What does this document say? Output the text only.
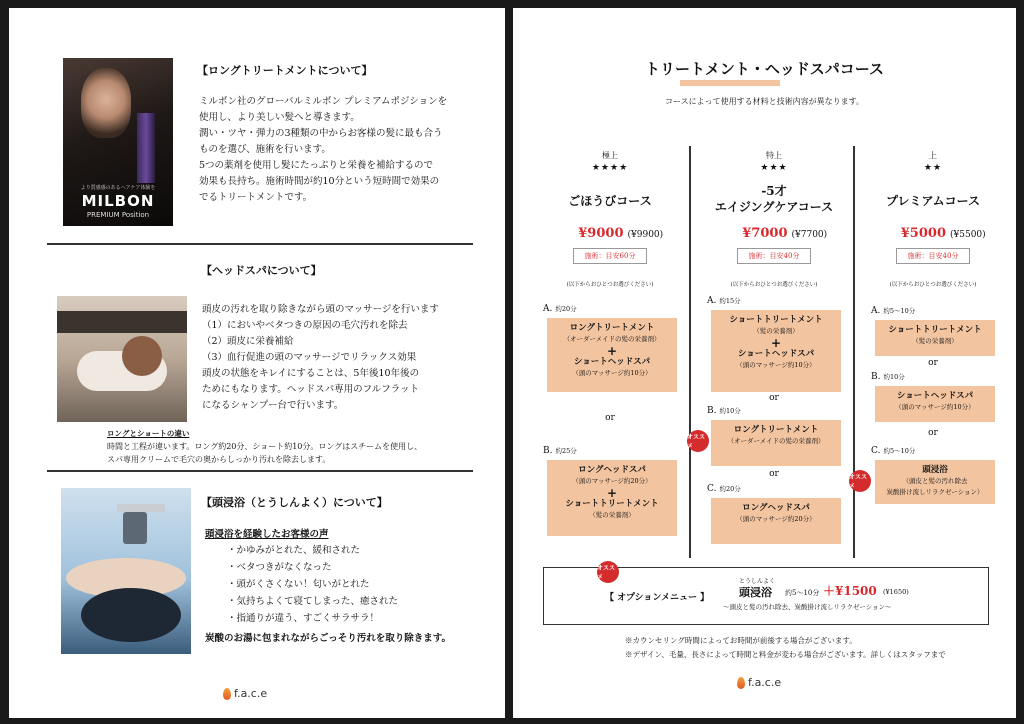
より質感感のあるヘアケア体験を
MILBON
PREMIUM Position
【ロングトリートメントについて】
ミルボン社のグローバルミルボン プレミアムポジションを
使用し、より美しい髪へと導きます。
潤い・ツヤ・弾力の3種類の中からお客様の髪に最も合う
ものを選び、施術を行います。
5つの薬剤を使用し髪にたっぷりと栄養を補給するので
効果も長持ち。施術時間が約10分という短時間で効果の
でるトリートメントです。
【ヘッドスパについて】
頭皮の汚れを取り除きながら頭のマッサージを行います
（1）においやベタつきの原因の毛穴汚れを除去
（2）頭皮に栄養補給
（3）血行促進の頭のマッサージでリラックス効果
頭皮の状態をキレイにすることは、5年後10年後の
ためにもなります。ヘッドスパ専用のフルフラット
になるシャンプー台で行います。
ロングとショートの違い
時間と工程が違います。ロング約20分、ショート約10分。ロングはスチームを使用し、
スパ専用クリームで毛穴の奥からしっかり汚れを除去します。
【頭浸浴（とうしんよく）について】
頭浸浴を経験したお客様の声
・かゆみがとれた、緩和された
・ベタつきがなくなった
・頭がくさくない！匂いがとれた
・気持ちよくて寝てしまった、癒された
・指通りが違う、すごくサラサラ！
炭酸のお湯に包まれながらごっそり汚れを取り除きます。
f.a.c.e
トリートメント・ヘッドスパコース
コースによって使用する材料と技術内容が異なります。
オススメ
【 オプションメニュー 】
とうしんよく
頭浸浴 約5～10分 ＋¥1500 (¥1650)
～頭皮と髪の汚れ除去、炭酸掛け流しリラクゼーション～
※カウンセリング時間によってお時間が前後する場合がございます。
※デザイン、毛量、長さによって時間と料金が変わる場合がございます。詳しくはスタッフまで
f.a.c.e
極上
★★★★
ごほうびコース
¥9000 (¥9900)
施術：目安60分
(以下からおひとつお選びください)
A. 約20分
ロングトリートメント
（オーダーメイドの髪の栄養剤）
+
ショートヘッドスパ
（頭のマッサージ約10分）
or
B. 約25分
ロングヘッドスパ
（頭のマッサージ約20分）
+
ショートトリートメント
（髪の栄養剤）
特上
★★★
-5才
エイジングケアコース
¥7000 (¥7700)
施術：目安40分
(以下からおひとつお選びください)
A. 約15分
ショートトリートメント
（髪の栄養剤）
+
ショートヘッドスパ
（頭のマッサージ約10分）
or
B. 約10分
ロングトリートメント
（オーダーメイドの髪の栄養剤）
オススメ
or
C. 約20分
ロングヘッドスパ
（頭のマッサージ約20分）
上
★★
プレミアムコース
¥5000 (¥5500)
施術：目安40分
(以下からおひとつお選びください)
A. 約5～10分
ショートトリートメント
（髪の栄養剤）
or
B. 約10分
ショートヘッドスパ
（頭のマッサージ約10分）
or
C. 約5～10分
頭浸浴
（頭皮と髪の汚れ除去
炭酸掛け流しリラクゼーション）
オススメ
